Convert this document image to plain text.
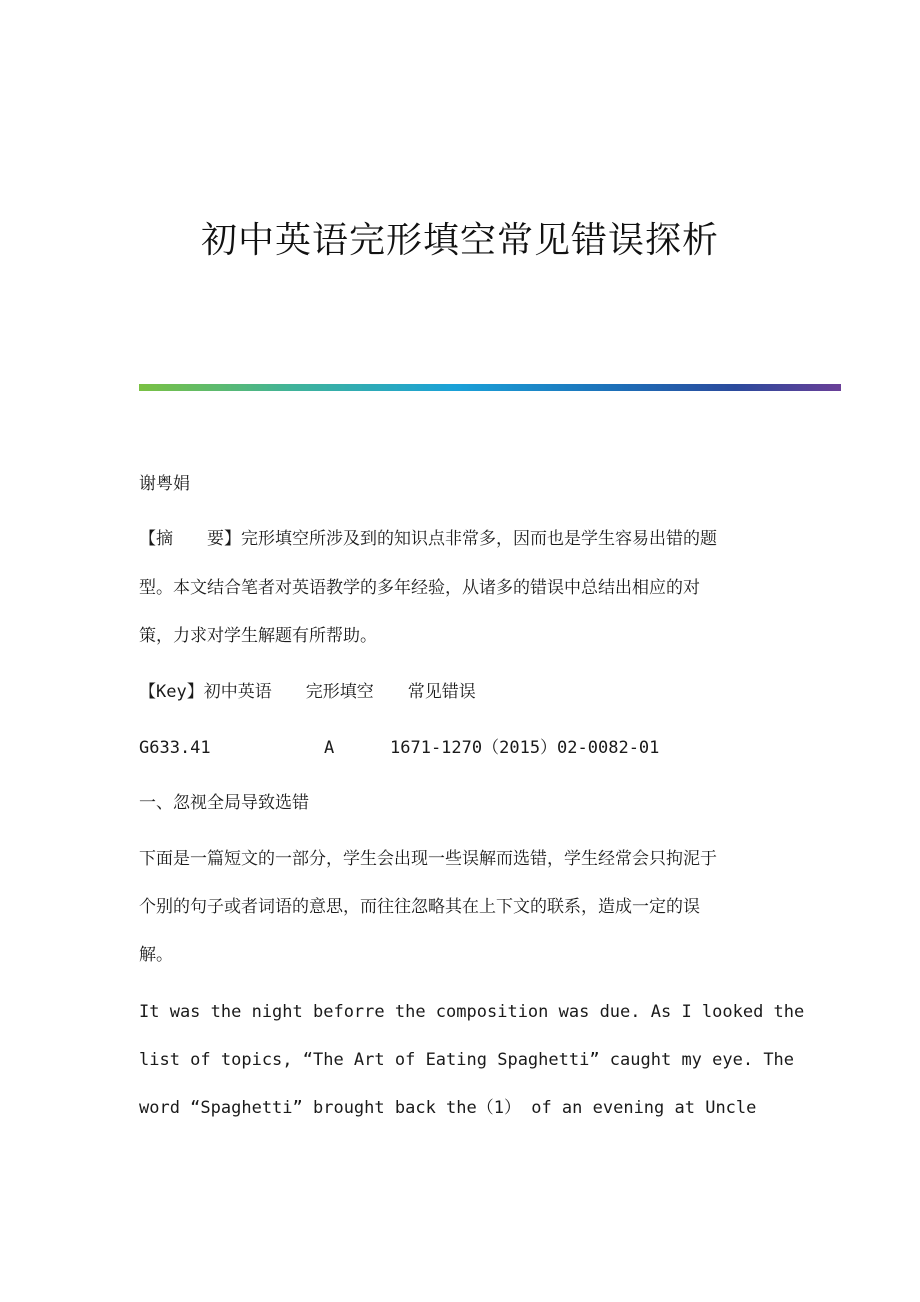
初中英语完形填空常见错误探析

谢粤娟

【摘　　要】完形填空所涉及到的知识点非常多，因而也是学生容易出错的题

型。本文结合笔者对英语教学的多年经验，从诸多的错误中总结出相应的对

策，力求对学生解题有所帮助。

【Key】初中英语　　完形填空　　常见错误

G633.41	A	1671-1270（2015）02-0082-01

一、忽视全局导致选错

下面是一篇短文的一部分，学生会出现一些误解而选错，学生经常会只拘泥于

个别的句子或者词语的意思，而往往忽略其在上下文的联系，造成一定的误

解。

It was the night beforre the composition was due. As I looked the

list of topics, “The Art of Eating Spaghetti” caught my eye. The

word “Spaghetti” brought back the（1） of an evening at Uncle
